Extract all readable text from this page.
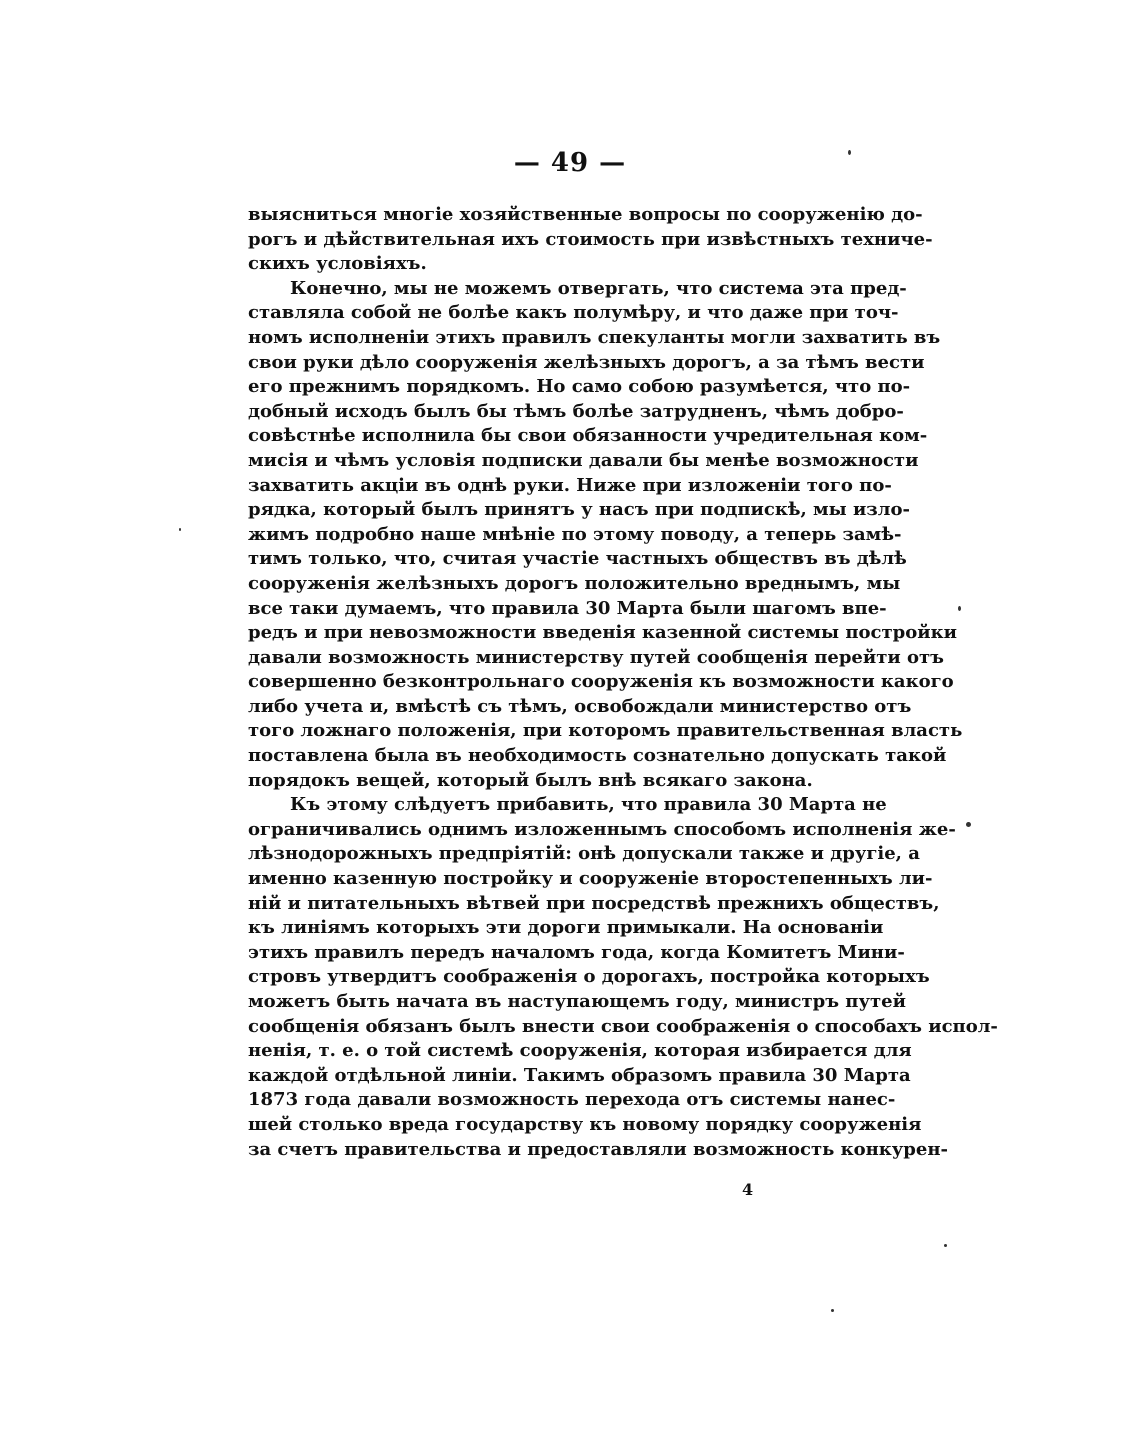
— 49 —
выясниться многіе хозяйственные вопросы по сооруженію до-
рогъ и дѣйствительная ихъ стоимость при извѣстныхъ техниче-
скихъ условіяхъ.
Конечно, мы не можемъ отвергать, что система эта пред-
ставляла собой не болѣе какъ полумѣру, и что даже при точ-
номъ исполненіи этихъ правилъ спекуланты могли захватить въ
свои руки дѣло сооруженія желѣзныхъ дорогъ, а за тѣмъ вести
его прежнимъ порядкомъ. Но само собою разумѣется, что по-
добный исходъ былъ бы тѣмъ болѣе затрудненъ, чѣмъ добро-
совѣстнѣе исполнила бы свои обязанности учредительная ком-
мисія и чѣмъ условія подписки давали бы менѣе возможности
захватить акціи въ однѣ руки. Ниже при изложеніи того по-
рядка, который былъ принятъ у насъ при подпискѣ, мы изло-
жимъ подробно наше мнѣніе по этому поводу, а теперь замѣ-
тимъ только, что, считая участіе частныхъ обществъ въ дѣлѣ
сооруженія желѣзныхъ дорогъ положительно вреднымъ, мы
все таки думаемъ, что правила 30 Марта были шагомъ впе-
редъ и при невозможности введенія казенной системы постройки
давали возможность министерству путей сообщенія перейти отъ
совершенно безконтрольнаго сооруженія къ возможности какого
либо учета и, вмѣстѣ съ тѣмъ, освобождали министерство отъ
того ложнаго положенія, при которомъ правительственная власть
поставлена была въ необходимость сознательно допускать такой
порядокъ вещей, который былъ внѣ всякаго закона.
Къ этому слѣдуетъ прибавить, что правила 30 Марта не
ограничивались однимъ изложеннымъ способомъ исполненія же-
лѣзнодорожныхъ предпріятій: онѣ допускали также и другіе, а
именно казенную постройку и сооруженіе второстепенныхъ ли-
ній и питательныхъ вѣтвей при посредствѣ прежнихъ обществъ,
къ линіямъ которыхъ эти дороги примыкали. На основаніи
этихъ правилъ передъ началомъ года, когда Комитетъ Мини-
стровъ утвердитъ соображенія о дорогахъ, постройка которыхъ
можетъ быть начата въ наступающемъ году, министръ путей
сообщенія обязанъ былъ внести свои соображенія о способахъ испол-
ненія, т. е. о той системѣ сооруженія, которая избирается для
каждой отдѣльной линіи. Такимъ образомъ правила 30 Марта
1873 года давали возможность перехода отъ системы нанес-
шей столько вреда государству къ новому порядку сооруженія
за счетъ правительства и предоставляли возможность конкурен-
4
